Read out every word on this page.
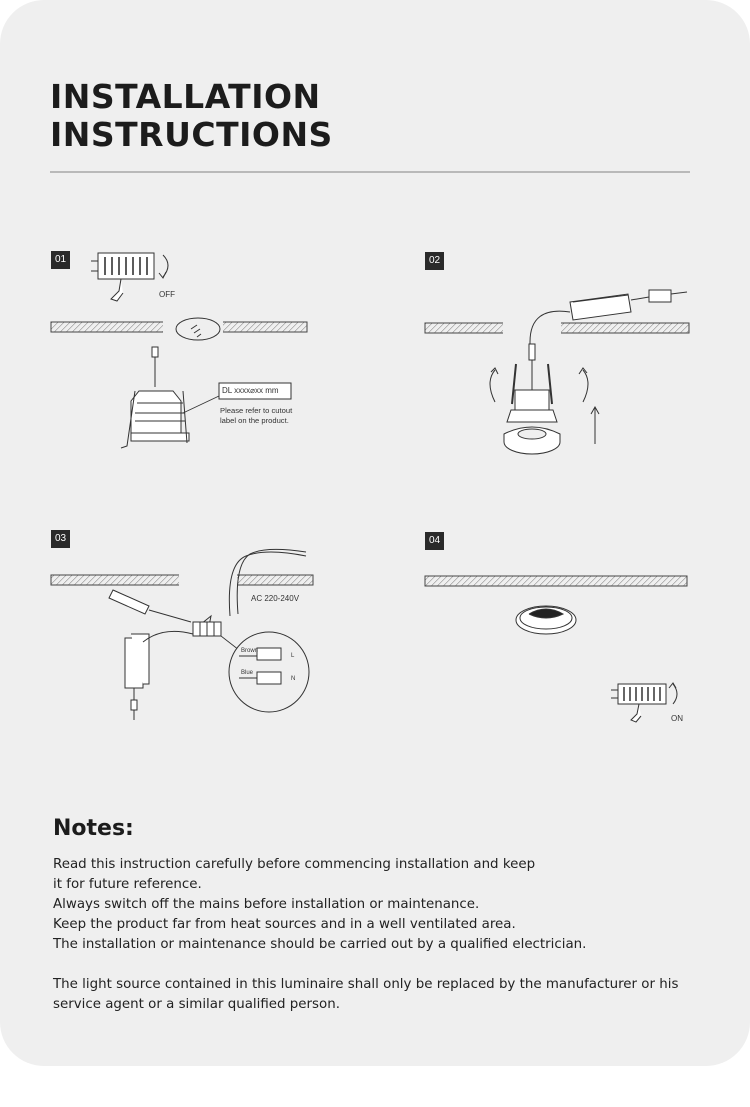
INSTALLATION
INSTRUCTIONS
01
OFF
DL xxxx⌀xx mm
Please refer to cutout
label on the product.
02
03
AC 220-240V
Brown
Blue
L
N
04
ON
Notes:

Read this instruction carefully before commencing installation and keep

it for future reference.

Always switch off the mains before installation or maintenance.

Keep the product far from heat sources and in a well ventilated area.

The installation or maintenance should be carried out by a qualified electrician.

The light source contained in this luminaire shall only be replaced by the manufacturer or his

service agent or a similar qualified person.
